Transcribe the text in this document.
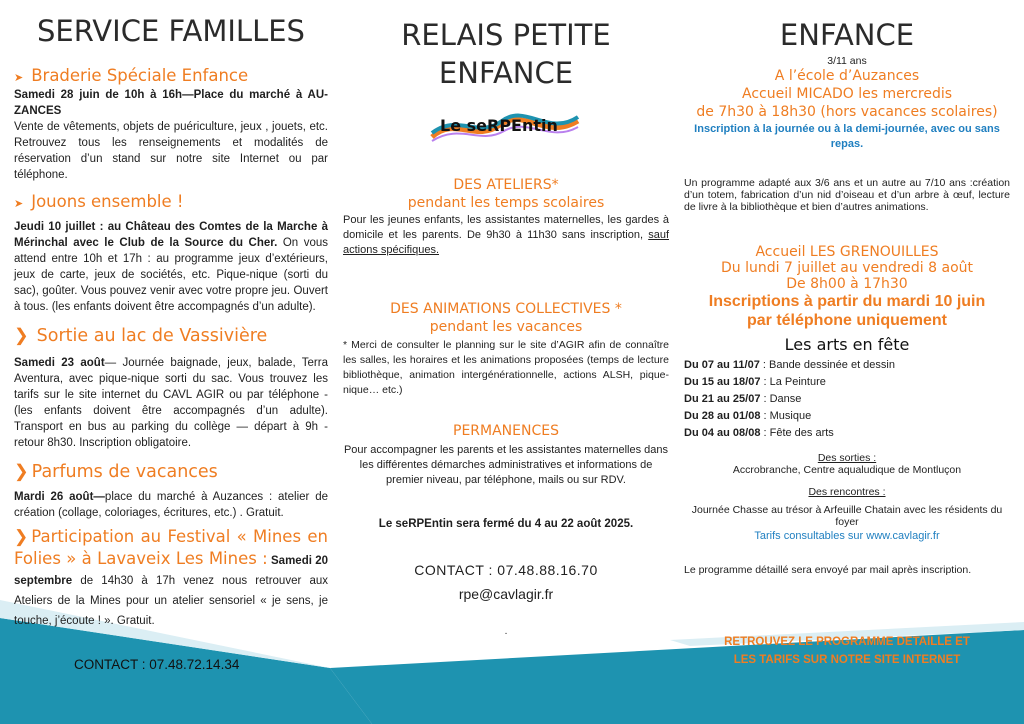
SERVICE FAMILLES
➤ Braderie Spéciale Enfance

Samedi 28 juin de 10h à 16h—Place du marché à AU-ZANCES

Vente de vêtements, objets de puériculture, jeux , jouets, etc. Retrouvez tous les renseignements et modalités de réservation d’un stand sur notre site Internet ou par téléphone.

➤ Jouons ensemble !

Jeudi 10 juillet : au Château des Comtes de la Marche à Mérinchal avec le Club de la Source du Cher. On vous attend entre 10h et 17h : au programme jeux d’extérieurs, jeux de carte, jeux de sociétés, etc. Pique-nique (sorti du sac), goûter. Vous pouvez venir avec votre propre jeu. Ouvert à tous. (les enfants doivent être accompagnés d’un adulte).

❯ Sortie au lac de Vassivière

Samedi 23 août— Journée baignade, jeux, balade, Terra Aventura, avec pique-nique sorti du sac. Vous trouvez les tarifs sur le site internet du CAVL AGIR ou par téléphone - (les enfants doivent être accompagnés d’un adulte). Transport en bus au parking du collège — départ à 9h - retour 8h30. Inscription obligatoire.

❯ Parfums de vacances

Mardi 26 août—place du marché à Auzances : atelier de création (collage, coloriages, écritures, etc.) . Gratuit.

❯ Participation au Festival « Mines en Folies » à Lavaveix Les Mines : Samedi 20 septembre de 14h30 à 17h venez nous retrouver aux Ateliers de la Mines pour un atelier sensoriel « je sens, je touche, j’écoute ! ». Gratuit.

CONTACT : 07.48.72.14.34
RELAIS PETITE
ENFANCE
Le seRPEntin
DES ATELIERS*
pendant les temps scolaires

Pour les jeunes enfants, les assistantes maternelles, les gardes à domicile et les parents. De 9h30 à 11h30 sans inscription, sauf actions spécifiques.

DES ANIMATIONS COLLECTIVES *
pendant les vacances

* Merci de consulter le planning sur le site d’AGIR afin de connaître les salles, les horaires et les animations proposées (temps de lecture bibliothèque, animation intergénérationnelle, actions ALSH, pique-nique… etc.)

PERMANENCES

Pour accompagner les parents et les assistantes maternelles dans les différentes démarches administratives et informations de premier niveau, par téléphone, mails ou sur RDV.

Le seRPEntin sera fermé du 4 au 22 août 2025.
CONTACT : 07.48.88.16.70
rpe@cavlagir.fr
.
ENFANCE
3/11 ans
A l’école d’Auzances
Accueil MICADO les mercredis
de 7h30 à 18h30 (hors vacances scolaires)
Inscription à la journée ou à la demi-journée, avec ou sans repas.

Un programme adapté aux 3/6 ans et un autre au 7/10 ans :création d’un totem, fabrication d’un nid d’oiseau et d’un arbre à œuf, lecture de livre à la bibliothèque et bien d’autres animations.

Accueil LES GRENOUILLES
Du lundi 7 juillet au vendredi 8 août
De 8h00 à 17h30
Inscriptions à partir du mardi 10 juin
par téléphone uniquement
Les arts en fête
Du 07 au 11/07 : Bande dessinée et dessin
Du 15 au 18/07 : La Peinture
Du 21 au 25/07 : Danse
Du 28 au 01/08 : Musique
Du 04 au 08/08 : Fête des arts
Des sorties :
Accrobranche, Centre aqualudique de Montluçon
Des rencontres :
Journée Chasse au trésor à Arfeuille Chatain avec les résidents du foyer
Tarifs consultables sur www.cavlagir.fr

Le programme détaillé sera envoyé par mail après inscription.

RETROUVEZ LE PROGRAMME DETAILLE ET
LES TARIFS SUR NOTRE SITE INTERNET
